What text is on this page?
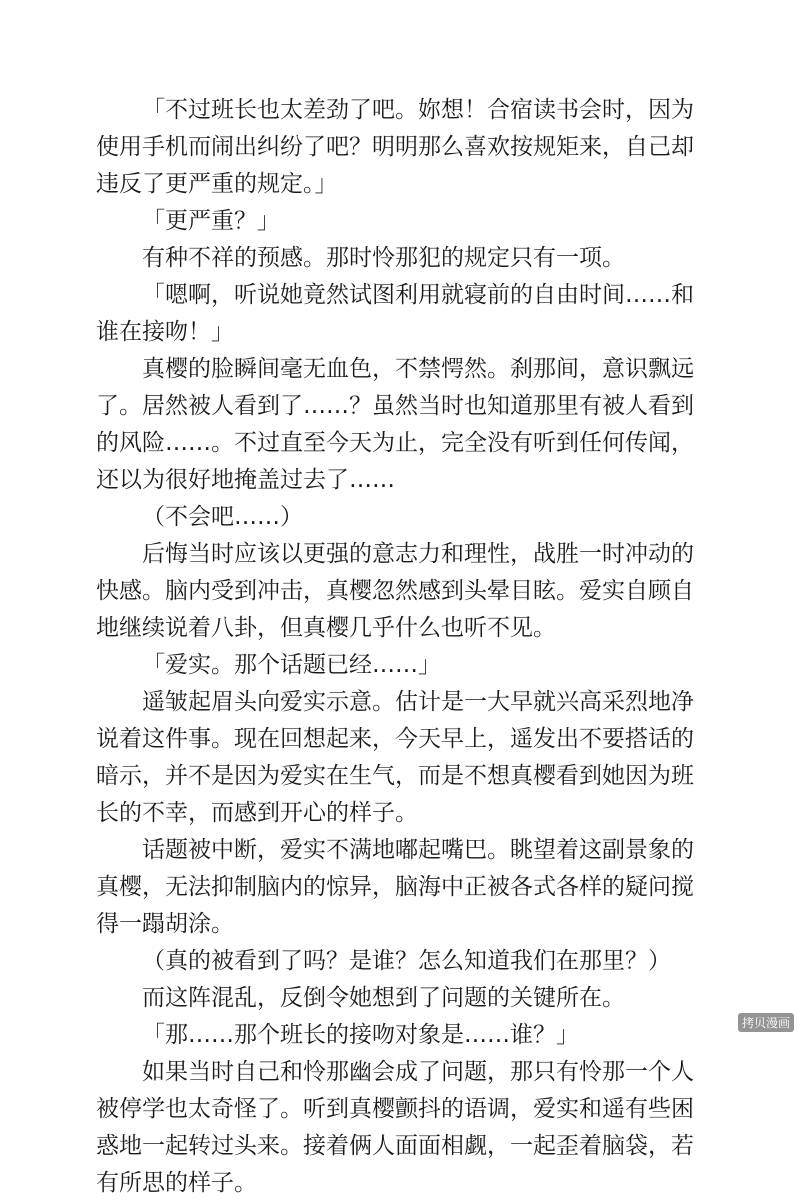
「不过班长也太差劲了吧。妳想！合宿读书会时，因为使用手机而闹出纠纷了吧？明明那么喜欢按规矩来，自己却违反了更严重的规定。」

「更严重？」

有种不祥的预感。那时怜那犯的规定只有一项。

「嗯啊，听说她竟然试图利用就寝前的自由时间……和谁在接吻！」

真樱的脸瞬间毫无血色，不禁愕然。刹那间，意识飘远了。居然被人看到了……？虽然当时也知道那里有被人看到的风险……。不过直至今天为止，完全没有听到任何传闻，还以为很好地掩盖过去了……

（不会吧……）

后悔当时应该以更强的意志力和理性，战胜一时冲动的快感。脑内受到冲击，真樱忽然感到头晕目眩。爱实自顾自地继续说着八卦，但真樱几乎什么也听不见。

「爱实。那个话题已经……」

遥皱起眉头向爱实示意。估计是一大早就兴高采烈地净说着这件事。现在回想起来，今天早上，遥发出不要搭话的暗示，并不是因为爱实在生气，而是不想真樱看到她因为班长的不幸，而感到开心的样子。

话题被中断，爱实不满地嘟起嘴巴。眺望着这副景象的真樱，无法抑制脑内的惊异，脑海中正被各式各样的疑问搅得一蹋胡涂。

（真的被看到了吗？是谁？怎么知道我们在那里？）

而这阵混乱，反倒令她想到了问题的关键所在。

「那……那个班长的接吻对象是……谁？」

如果当时自己和怜那幽会成了问题，那只有怜那一个人被停学也太奇怪了。听到真樱颤抖的语调，爱实和遥有些困惑地一起转过头来。接着俩人面面相觑，一起歪着脑袋，若有所思的样子。

拷贝漫画
